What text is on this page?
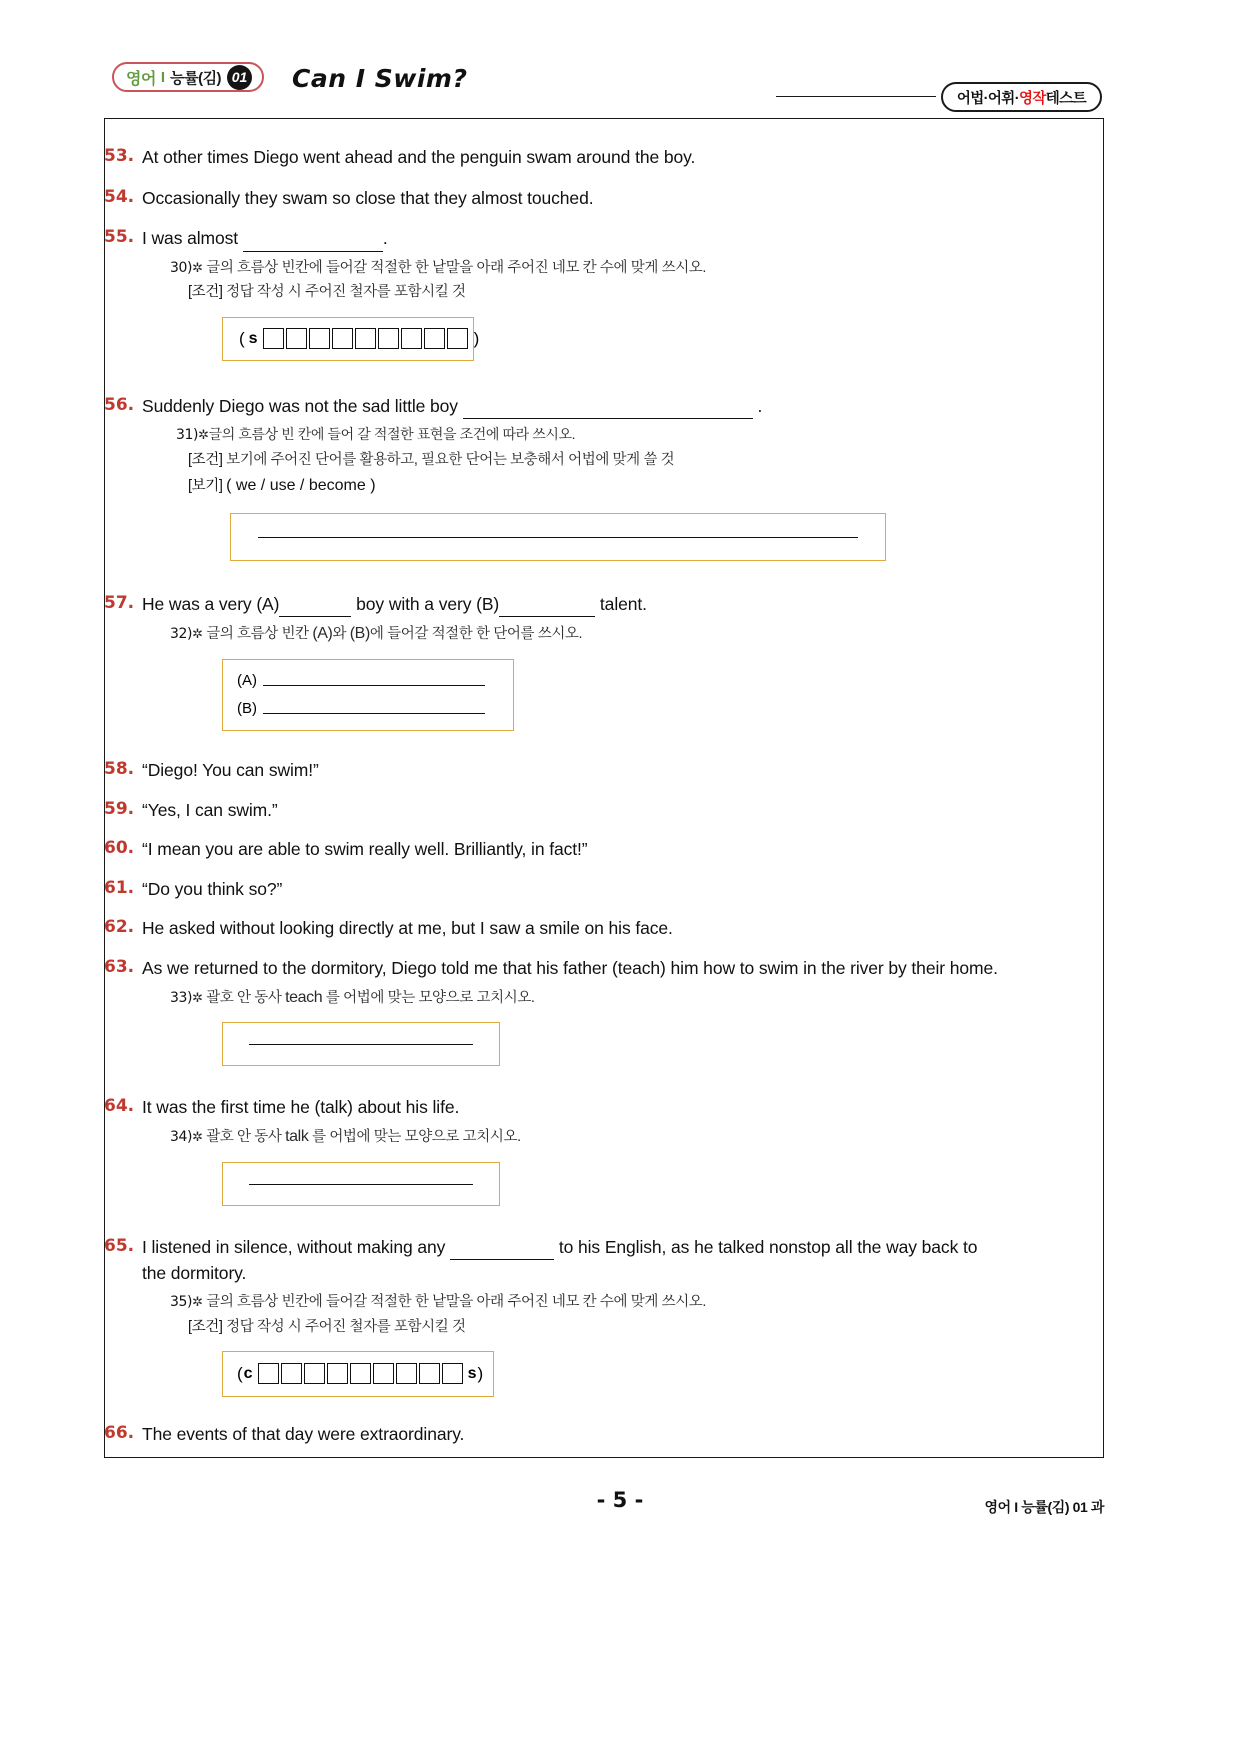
영어 I 능률(김) 01 Can I Swim?
어법·어휘· 영작 테스트
53. At other times Diego went ahead and the penguin swam around the boy.
54. Occasionally they swam so close that they almost touched.
55. I was almost	.
30)✲ 글의 흐름상 빈칸에 들어갈 적절한 한 낱말을 아래 주어진 네모 칸 수에 맞게 쓰시오.
[조건] 정답 작성 시 주어진 철자를 포함시킬 것
( s	)
56. Suddenly Diego was not the sad little boy	.
31)✲글의 흐름상 빈 칸에 들어 갈 적절한 표현을 조건에 따라 쓰시오.
[조건] 보기에 주어진 단어를 활용하고, 필요한 단어는 보충해서 어법에 맞게 쓸 것
[보기] ( we / use / become )
57. He was a very (A)	boy with a very (B)	talent.
32)✲ 글의 흐름상 빈칸 (A)와 (B)에 들어갈 적절한 한 단어를 쓰시오.
(A)
(B)
58. “Diego! You can swim!”
59. “Yes, I can swim.”
60. “I mean you are able to swim really well. Brilliantly, in fact!”
61. “Do you think so?”
62. He asked without looking directly at me, but I saw a smile on his face.
63. As we returned to the dormitory, Diego told me that his father (teach) him how to swim in the river by their home.
33)✲ 괄호 안 동사 teach 를 어법에 맞는 모양으로 고치시오.
64. It was the first time he (talk) about his life.
34)✲ 괄호 안 동사 talk 를 어법에 맞는 모양으로 고치시오.
65. I listened in silence, without making any	to his English, as he talked nonstop all the way back to the dormitory.
35)✲ 글의 흐름상 빈칸에 들어갈 적절한 한 낱말을 아래 주어진 네모 칸 수에 맞게 쓰시오.
[조건] 정답 작성 시 주어진 철자를 포함시킬 것
( c	s )
66. The events of that day were extraordinary.
- 5 -	영어 I 능률(김) 01 과
